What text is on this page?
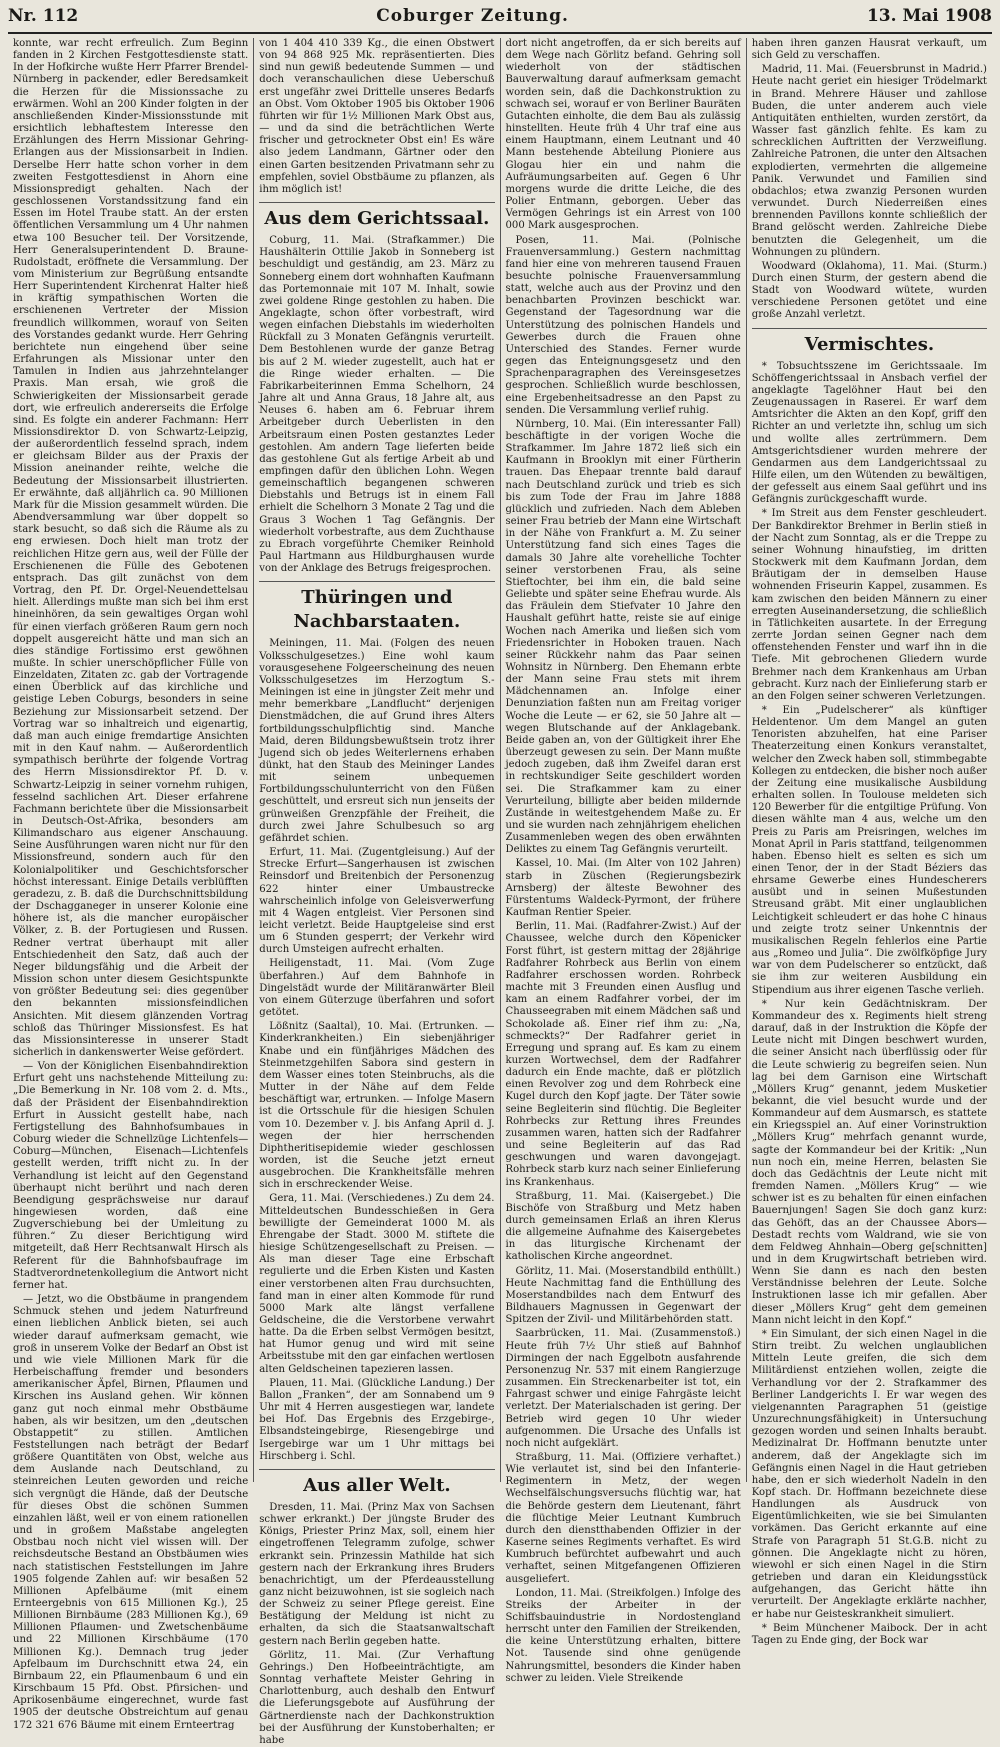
Nr. 112	Coburger Zeitung.	13. Mai 1908

konnte, war recht erfreulich. Zum Beginn fanden in 2 Kirchen Festgottesdienste statt. In der Hofkirche wußte Herr Pfarrer Brendel-Nürnberg in packender, edler Beredsamkeit die Herzen für die Missionssache zu erwärmen. Wohl an 200 Kinder folgten in der anschließenden Kinder-Missionsstunde mit ersichtlich lebhaftestem Interesse den Erzählungen des Herrn Missionar Gehring-Erlangen aus der Missionsarbeit in Indien. Derselbe Herr hatte schon vorher in dem zweiten Festgottesdienst in Ahorn eine Missionspredigt gehalten. Nach der geschlossenen Vorstandssitzung fand ein Essen im Hotel Traube statt. An der ersten öffentlichen Versammlung um 4 Uhr nahmen etwa 100 Besucher teil. Der Vorsitzende, Herr Generalsuperintendent D. Braune-Rudolstadt, eröffnete die Versammlung. Der vom Ministerium zur Begrüßung entsandte Herr Superintendent Kirchenrat Halter hieß in kräftig sympathischen Worten die erschienenen Vertreter der Mission freundlich willkommen, worauf von Seiten des Vorstandes gedankt wurde. Herr Gehring berichtete nun eingehend über seine Erfahrungen als Missionar unter den Tamulen in Indien aus jahrzehntelanger Praxis. Man ersah, wie groß die Schwierigkeiten der Missionsarbeit gerade dort, wie erfreulich andererseits die Erfolge sind. Es folgte ein anderer Fachmann: Herr Missionsdirektor D. von Schwartz-Leipzig, der außerordentlich fesselnd sprach, indem er gleichsam Bilder aus der Praxis der Mission aneinander reihte, welche die Bedeutung der Missionsarbeit illustrierten. Er erwähnte, daß alljährlich ca. 90 Millionen Mark für die Mission gesammelt würden. Die Abendversammlung war über doppelt so stark besucht, so daß sich die Räume als zu eng erwiesen. Doch hielt man trotz der reichlichen Hitze gern aus, weil der Fülle der Erschienenen die Fülle des Gebotenen entsprach. Das gilt zunächst von dem Vortrag, den Pf. Dr. Orgel-Neuendettelsau hielt. Allerdings mußte man sich bei ihm erst hineinhören, da sein gewaltiges Organ wohl für einen vierfach größeren Raum gern noch doppelt ausgereicht hätte und man sich an dies ständige Fortissimo erst gewöhnen mußte. In schier unerschöpflicher Fülle von Einzeldaten, Zitaten zc. gab der Vortragende einen Überblick auf das kirchliche und geistige Leben Coburgs, besonders in seine Beziehung zur Missionsarbeit setzend. Der Vortrag war so inhaltreich und eigenartig, daß man auch einige fremdartige Ansichten mit in den Kauf nahm. — Außerordentlich sympathisch berührte der folgende Vortrag des Herrn Missionsdirektor Pf. D. v. Schwartz-Leipzig in seiner vornehm ruhigen, fesselnd sachlichen Art. Dieser erfahrene Fachmann berichtete über die Missionsarbeit in Deutsch-Ost-Afrika, besonders am Kilimandscharo aus eigener Anschauung. Seine Ausführungen waren nicht nur für den Missionsfreund, sondern auch für den Kolonialpolitiker und Geschichtsforscher höchst interessant. Einige Details verblüfften geradezu, z. B. daß die Durchschnittsbildung der Dschagganeger in unserer Kolonie eine höhere ist, als die mancher europäischer Völker, z. B. der Portugiesen und Russen. Redner vertrat überhaupt mit aller Entschiedenheit den Satz, daß auch der Neger bildungsfähig und die Arbeit der Mission schon unter diesem Gesichtspunkte von größter Bedeutung sei: dies gegenüber den bekannten missionsfeindlichen Ansichten. Mit diesem glänzenden Vortrag schloß das Thüringer Missionsfest. Es hat das Missionsinteresse in unserer Stadt sicherlich in dankenswerter Weise gefördert.

— Von der Königlichen Eisenbahndirektion Erfurt geht uns nachstehende Mitteilung zu: „Die Bemerkung in Nr. 108 vom 2. d. Mts., daß der Präsident der Eisenbahndirektion Erfurt in Aussicht gestellt habe, nach Fertigstellung des Bahnhofsumbaues in Coburg wieder die Schnellzüge Lichtenfels—Coburg—München, Eisenach—Lichtenfels gestellt werden, trifft nicht zu. In der Verhandlung ist leicht auf den Gegenstand überhaupt nicht berührt und nach deren Beendigung gesprächsweise nur darauf hingewiesen worden, daß eine Zugverschiebung bei der Umleitung zu führen.“ Zu dieser Berichtigung wird mitgeteilt, daß Herr Rechtsanwalt Hirsch als Referent für die Bahnhofsbaufrage im Stadtverordnetenkollegium die Antwort nicht ferner hat.

— Jetzt, wo die Obstbäume in prangendem Schmuck stehen und jedem Naturfreund einen lieblichen Anblick bieten, sei auch wieder darauf aufmerksam gemacht, wie groß in unserem Volke der Bedarf an Obst ist und wie viele Millionen Mark für die Herbeischaffung fremder und besonders amerikanischer Äpfel, Birnen, Pflaumen und Kirschen ins Ausland gehen. Wir können ganz gut noch einmal mehr Obstbäume haben, als wir besitzen, um den „deutschen Obstappetit“ zu stillen. Amtlichen Feststellungen nach beträgt der Bedarf größere Quantitäten von Obst, welche aus dem Auslande nach Deutschland, zu steinreichen Leuten geworden und reiche sich vergnügt die Hände, daß der Deutsche für dieses Obst die schönen Summen einzahlen läßt, weil er von einem rationellen und in großem Maßstabe angelegten Obstbau noch nicht viel wissen will. Der reichsdeutsche Bestand an Obstbäumen wies nach statistischen Feststellungen im Jahre 1905 folgende Zahlen auf: wir besaßen 52 Millionen Apfelbäume (mit einem Ernteergebnis von 615 Millionen Kg.), 25 Millionen Birnbäume (283 Millionen Kg.), 69 Millionen Pflaumen- und Zwetschenbäume und 22 Millionen Kirschbäume (170 Millionen Kg.). Demnach trug jeder Apfelbaum im Durchschnitt etwa 24, ein Birnbaum 22, ein Pflaumenbaum 6 und ein Kirschbaum 15 Pfd. Obst. Pfirsichen- und Aprikosenbäume eingerechnet, wurde fast 1905 der deutsche Obstreichtum auf genau 172 321 676 Bäume mit einem Ernteertrag

von 1 404 410 339 Kg., die einen Obstwert von 94 868 925 Mk. repräsentierten. Dies sind nun gewiß bedeutende Summen — und doch veranschaulichen diese Ueberschuß erst ungefähr zwei Drittelle unseres Bedarfs an Obst. Vom Oktober 1905 bis Oktober 1906 führten wir für 1½ Millionen Mark Obst aus, — und da sind die beträchtlichen Werte frischer und getrockneter Obst ein! Es wäre also jedem Landmann, Gärtner oder den einen Garten besitzenden Privatmann sehr zu empfehlen, soviel Obstbäume zu pflanzen, als ihm möglich ist!

Aus dem Gerichtssaal.

Coburg, 11. Mai. (Strafkammer.) Die Haushälterin Ottilie Jakob in Sonneberg ist beschuldigt und geständig, am 23. März zu Sonneberg einem dort wohnhaften Kaufmann das Portemonnaie mit 107 M. Inhalt, sowie zwei goldene Ringe gestohlen zu haben. Die Angeklagte, schon öfter vorbestraft, wird wegen einfachen Diebstahls im wiederholten Rückfall zu 3 Monaten Gefängnis verurteilt. Dem Bestohlenen wurde der ganze Betrag bis auf 2 M. wieder zugestellt, auch hat er die Ringe wieder erhalten. — Die Fabrikarbeiterinnen Emma Schelhorn, 24 Jahre alt und Anna Graus, 18 Jahre alt, aus Neuses 6. haben am 6. Februar ihrem Arbeitgeber durch Ueberlisten in den Arbeitsraum einen Posten gestanztes Leder gestohlen. Am andern Tage lieferten beide das gestohlene Gut als fertige Arbeit ab und empfingen dafür den üblichen Lohn. Wegen gemeinschaftlich begangenen schweren Diebstahls und Betrugs ist in einem Fall erhielt die Schelhorn 3 Monate 2 Tag und die Graus 3 Wochen 1 Tag Gefängnis. Der wiederholt vorbestrafte, aus dem Zuchthause zu Ebrach vorgeführte Chemiker Reinhold Paul Hartmann aus Hildburghausen wurde von der Anklage des Betrugs freigesprochen.

Thüringen und Nachbarstaaten.

Meiningen, 11. Mai. (Folgen des neuen Volksschulgesetzes.) Eine wohl kaum vorausgesehene Folgeerscheinung des neuen Volksschulgesetzes im Herzogtum S.-Meiningen ist eine in jüngster Zeit mehr und mehr bemerkbare „Landflucht“ derjenigen Dienstmädchen, die auf Grund ihres Alters fortbildungsschulpflichtig sind. Manche Maid, deren Bildungsbewußtsein trotz ihrer Jugend sich ob jedes Weiterlernens erhaben dünkt, hat den Staub des Meininger Landes mit seinem unbequemen Fortbildungsschulunterricht von den Füßen geschüttelt, und ersreut sich nun jenseits der grünweißen Grenzpfähle der Freiheit, die durch zwei Jahre Schulbesuch so arg gefährdet schien.

Erfurt, 11. Mai. (Zugentgleisung.) Auf der Strecke Erfurt—Sangerhausen ist zwischen Reinsdorf und Breitenbich der Personenzug 622 hinter einer Umbaustrecke wahrscheinlich infolge von Geleisverwerfung mit 4 Wagen entgleist. Vier Personen sind leicht verletzt. Beide Hauptgeleise sind erst um 6 Stunden gesperrt; der Verkehr wird durch Umsteigen aufrecht erhalten.

Heiligenstadt, 11. Mai. (Vom Zuge überfahren.) Auf dem Bahnhofe in Dingelstädt wurde der Militäranwärter Bleil von einem Güterzuge überfahren und sofort getötet.

Lößnitz (Saaltal), 10. Mai. (Ertrunken. — Kinderkrankheiten.) Ein siebenjähriger Knabe und ein fünfjähriges Mädchen des Steinmetzgehilfen Sabora sind gestern in dem Wasser eines toten Steinbruchs, als die Mutter in der Nähe auf dem Felde beschäftigt war, ertrunken. — Infolge Masern ist die Ortsschule für die hiesigen Schulen vom 10. Dezember v. J. bis Anfang April d. J. wegen der hier herrschenden Diphtheritisepidemie wieder geschlossen worden, ist die Seuche jetzt erneut ausgebrochen. Die Krankheitsfälle mehren sich in erschreckender Weise.

Gera, 11. Mai. (Verschiedenes.) Zu dem 24. Mitteldeutschen Bundesschießen in Gera bewilligte der Gemeinderat 1000 M. als Ehrengabe der Stadt. 3000 M. stiftete die hiesige Schützengesellschaft zu Preisen. — Als man dieser Tage eine Erbschaft regulierte und die Erben Kisten und Kasten einer verstorbenen alten Frau durchsuchten, fand man in einer alten Kommode für rund 5000 Mark alte längst verfallene Geldscheine, die die Verstorbene verwahrt hatte. Da die Erben selbst Vermögen besitzt, hat Humor genug und wird mit seine Arbeitsstube mit den gar einfachen wertlosen alten Geldscheinen tapezieren lassen.

Plauen, 11. Mai. (Glückliche Landung.) Der Ballon „Franken“, der am Sonnabend um 9 Uhr mit 4 Herren ausgestiegen war, landete bei Hof. Das Ergebnis des Erzgebirge-, Elbsandsteingebirge, Riesengebirge und Isergebirge war um 1 Uhr mittags bei Hirschberg i. Schl.

Aus aller Welt.

Dresden, 11. Mai. (Prinz Max von Sachsen schwer erkrankt.) Der jüngste Bruder des Königs, Priester Prinz Max, soll, einem hier eingetroffenen Telegramm zufolge, schwer erkrankt sein. Prinzessin Mathilde hat sich gestern nach der Erkrankung ihres Bruders benachrichtigt, um der Pferdeausstellung ganz nicht beizuwohnen, ist sie sogleich nach der Schweiz zu seiner Pflege gereist. Eine Bestätigung der Meldung ist nicht zu erhalten, da sich die Staatsanwaltschaft gestern nach Berlin gegeben hatte.

Görlitz, 11. Mai. (Zur Verhaftung Gehrings.) Den Hofbeeinträchtigte, am Sonntag verhaftete Meister Gehring in Charlottenburg, auch deshalb den Entwurf die Lieferungsgebote auf Ausführung der Gärtnerdienste nach der Dachkonstruktion bei der Ausführung der Kunstoberhalten; er habe

dort nicht angetroffen, da er sich bereits auf dem Wege nach Görlitz befand. Gehring soll wiederholt von der städtischen Bauverwaltung darauf aufmerksam gemacht worden sein, daß die Dachkonstruktion zu schwach sei, worauf er von Berliner Bauräten Gutachten einholte, die dem Bau als zulässig hinstellten. Heute früh 4 Uhr traf eine aus einem Hauptmann, einem Leutnant und 40 Mann bestehende Abteilung Pioniere aus Glogau hier ein und nahm die Aufräumungsarbeiten auf. Gegen 6 Uhr morgens wurde die dritte Leiche, die des Polier Entmann, geborgen. Ueber das Vermögen Gehrings ist ein Arrest von 100 000 Mark ausgesprochen.

Posen, 11. Mai. (Polnische Frauenversammlung.) Gestern nachmittag fand hier eine von mehreren tausend Frauen besuchte polnische Frauenversammlung statt, welche auch aus der Provinz und den benachbarten Provinzen beschickt war. Gegenstand der Tagesordnung war die Unterstützung des polnischen Handels und Gewerbes durch die Frauen ohne Unterschied des Standes. Ferner wurde gegen das Enteignungsgesetz und den Sprachenparagraphen des Vereinsgesetzes gesprochen. Schließlich wurde beschlossen, eine Ergebenheitsadresse an den Papst zu senden. Die Versammlung verlief ruhig.

Nürnberg, 10. Mai. (Ein interessanter Fall) beschäftigte in der vorigen Woche die Strafkammer. Im Jahre 1872 ließ sich ein Kaufmann in Brooklyn mit einer Fürtherin trauen. Das Ehepaar trennte bald darauf nach Deutschland zurück und trieb es sich bis zum Tode der Frau im Jahre 1888 glücklich und zufrieden. Nach dem Ableben seiner Frau betrieb der Mann eine Wirtschaft in der Nähe von Frankfurt a. M. Zu seiner Unterstützung fand sich eines Tages die damals 30 Jahre alte vorehelliche Tochter seiner verstorbenen Frau, als seine Stieftochter, bei ihm ein, die bald seine Geliebte und später seine Ehefrau wurde. Als das Fräulein dem Stiefvater 10 Jahre den Haushalt geführt hatte, reiste sie auf einige Wochen nach Amerika und ließen sich vom Friedensrichter in Hoboken trauen. Nach seiner Rückkehr nahm das Paar seinen Wohnsitz in Nürnberg. Den Ehemann erbte der Mann seine Frau stets mit ihrem Mädchennamen an. Infolge einer Denunziation faßten nun am Freitag voriger Woche die Leute — er 62, sie 50 Jahre alt — wegen Blutschande auf der Anklagebank. Beide gaben an, von der Gültigkeit ihrer Ehe überzeugt gewesen zu sein. Der Mann mußte jedoch zugeben, daß ihm Zweifel daran erst in rechtskundiger Seite geschildert worden sei. Die Strafkammer kam zu einer Verurteilung, billigte aber beiden mildernde Zustände in weitestgehendem Maße zu. Er und sie wurden nach zehnjährigem ehelichen Zusammenleben wegen des oben erwähnten Deliktes zu einem Tag Gefängnis verurteilt.

Kassel, 10. Mai. (Im Alter von 102 Jahren) starb in Züschen (Regierungsbezirk Arnsberg) der älteste Bewohner des Fürstentums Waldeck-Pyrmont, der frühere Kaufman Rentier Speier.

Berlin, 11. Mai. (Radfahrer-Zwist.) Auf der Chaussee, welche durch den Köpenicker Forst führt, ist gestern mittag der 28jährige Radfahrer Rohrbeck aus Berlin von einem Radfahrer erschossen worden. Rohrbeck machte mit 3 Freunden einen Ausflug und kam an einem Radfahrer vorbei, der im Chausseegraben mit einem Mädchen saß und Schokolade aß. Einer rief ihm zu: „Na, schmeckts?“ Der Radfahrer geriet in Erregung und sprang auf. Es kam zu einem kurzen Wortwechsel, dem der Radfahrer dadurch ein Ende machte, daß er plötzlich einen Revolver zog und dem Rohrbeck eine Kugel durch den Kopf jagte. Der Täter sowie seine Begleiterin sind flüchtig. Die Begleiter Rohrbecks zur Rettung ihres Freundes zusammen waren, hatten sich der Radfahrer und seine Begleiterin auf das Rad geschwungen und waren davongejagt. Rohrbeck starb kurz nach seiner Einlieferung ins Krankenhaus.

Straßburg, 11. Mai. (Kaisergebet.) Die Bischöfe von Straßburg und Metz haben durch gemeinsamen Erlaß an ihren Klerus die allgemeine Aufnahme des Kaisergebetes in das liturgische Kirchenamt der katholischen Kirche angeordnet.

Görlitz, 11. Mai. (Moserstandbild enthüllt.) Heute Nachmittag fand die Enthüllung des Moserstandbildes nach dem Entwurf des Bildhauers Magnussen in Gegenwart der Spitzen der Zivil- und Militärbehörden statt.

Saarbrücken, 11. Mai. (Zusammenstoß.) Heute früh 7½ Uhr stieß auf Bahnhof Dirmingen der nach Eggelbotn ausfahrende Personenzug Nr. 537 mit einem Rangierzuge zusammen. Ein Streckenarbeiter ist tot, ein Fahrgast schwer und einige Fahrgäste leicht verletzt. Der Materialschaden ist gering. Der Betrieb wird gegen 10 Uhr wieder aufgenommen. Die Ursache des Unfalls ist noch nicht aufgeklärt.

Straßburg, 11. Mai. (Offiziere verhaftet.) Wie verlautet ist, sind bei den Infanterie-Regimentern in Metz, der wegen Wechselfälschungsversuchs flüchtig war, hat die Behörde gestern dem Lieutenant, fährt die flüchtige Meier Leutnant Kumbruch durch den dienstthabenden Offizier in der Kaserne seines Regiments verhaftet. Es wird Kumbruch befürchtet aufbewahrt und auch verhaftet, seinen Mitgefangenen Offizieren ausgeliefert.

London, 11. Mai. (Streikfolgen.) Infolge des Streiks der Arbeiter in der Schiffsbauindustrie in Nordostengland herrscht unter den Familien der Streikenden, die keine Unterstützung erhalten, bittere Not. Tausende sind ohne genügende Nahrungsmittel, besonders die Kinder haben schwer zu leiden. Viele Streikende

haben ihren ganzen Hausrat verkauft, um sich Geld zu verschaffen.

Madrid, 11. Mai. (Feuersbrunst in Madrid.) Heute nacht geriet ein hiesiger Trödelmarkt in Brand. Mehrere Häuser und zahllose Buden, die unter anderem auch viele Antiquitäten enthielten, wurden zerstört, da Wasser fast gänzlich fehlte. Es kam zu schrecklichen Auftritten der Verzweiflung. Zahlreiche Patronen, die unter den Altsachen explodierten, vermehrten die allgemeine Panik. Verwundet und Familien sind obdachlos; etwa zwanzig Personen wurden verwundet. Durch Niederreißen eines brennenden Pavillons konnte schließlich der Brand gelöscht werden. Zahlreiche Diebe benutzten die Gelegenheit, um die Wohnungen zu plündern.

Woodward (Oklahoma), 11. Mai. (Sturm.) Durch einen Sturm, der gestern abend die Stadt von Woodward wütete, wurden verschiedene Personen getötet und eine große Anzahl verletzt.

Vermischtes.

* Tobsuchtsszene im Gerichtssaale. Im Schöffengerichtssaal in Ansbach verfiel der angeklagte Tagelöhner Haut bei den Zeugenaussagen in Raserei. Er warf dem Amtsrichter die Akten an den Kopf, griff den Richter an und verletzte ihn, schlug um sich und wollte alles zertrümmern. Dem Amtsgerichtsdiener wurden mehrere der Gendarmen aus dem Landgerichtssaal zu Hilfe eilen, um den Wütenden zu bewältigen, der gefesselt aus einem Saal geführt und ins Gefängnis zurückgeschafft wurde.

* Im Streit aus dem Fenster geschleudert. Der Bankdirektor Brehmer in Berlin stieß in der Nacht zum Sonntag, als er die Treppe zu seiner Wohnung hinaufstieg, im dritten Stockwerk mit dem Kaufmann Jordan, dem Bräutigam der in demselben Hause wohnenden Friseurin Kappel, zusammen. Es kam zwischen den beiden Männern zu einer erregten Auseinandersetzung, die schließlich in Tätlichkeiten ausartete. In der Erregung zerrte Jordan seinen Gegner nach dem offenstehenden Fenster und warf ihn in die Tiefe. Mit gebrochenen Gliedern wurde Brehmer nach dem Krankenhaus am Urban gebracht. Kurz nach der Einlieferung starb er an den Folgen seiner schweren Verletzungen.

* Ein „Pudelscherer“ als künftiger Heldentenor. Um dem Mangel an guten Tenoristen abzuhelfen, hat eine Pariser Theaterzeitung einen Konkurs veranstaltet, welcher den Zweck haben soll, stimmbegabte Kollegen zu entdecken, die bisher noch außer der Zeitung eine musikalische Ausbildung erhalten sollen. In Toulouse meldeten sich 120 Bewerber für die entgiltige Prüfung. Von diesen wählte man 4 aus, welche um den Preis zu Paris am Preisringen, welches im Monat April in Paris stattfand, teilgenommen haben. Ebenso hielt es selten es sich um einen Tenor, der in der Stadt Béziers das ehrsame Gewerbe eines Hundescherers ausübt und in seinen Mußestunden Streusand gräbt. Mit einer unglaublichen Leichtigkeit schleudert er das hohe C hinaus und zeigte trotz seiner Unkenntnis der musikalischen Regeln fehlerlos eine Partie aus „Romeo und Julia“. Die zwölfköpfige Jury war von dem Pudelscherer so entzückt, daß sie ihm zur weiteren Ausbildung ein Stipendium aus ihrer eigenen Tasche verlieh.

* Nur kein Gedächtniskram. Der Kommandeur des x. Regiments hielt streng darauf, daß in der Instruktion die Köpfe der Leute nicht mit Dingen beschwert wurden, die seiner Ansicht nach überflüssig oder für die Leute schwierig zu begreifen seien. Nun lag bei dem Garnison eine Wirtschaft „Möllers Krug“ genannt, jedem Musketier bekannt, die viel besucht wurde und der Kommandeur auf dem Ausmarsch, es stattete ein Kriegsspiel an. Auf einer Vorinstruktion „Möllers Krug“ mehrfach genannt wurde, sagte der Kommandeur bei der Kritik: „Nun nun noch ein, meine Herren, belasten Sie doch das Gedächtnis der Leute nicht mit fremden Namen. „Möllers Krug“ — wie schwer ist es zu behalten für einen einfachen Bauernjungen! Sagen Sie doch ganz kurz: das Gehöft, das an der Chaussee Abors—Destadt rechts vom Waldrand, wie sie von dem Feldweg Ahnhain—Oberg ge[schnitten] und in dem Krugwirtschaft betrieben wird. Wenn Sie dann es nach den besten Verständnisse belehren der Leute. Solche Instruktionen lasse ich mir gefallen. Aber dieser „Möllers Krug“ geht dem gemeinen Mann nicht leicht in den Kopf.“

* Ein Simulant, der sich einen Nagel in die Stirn treibt. Zu welchen unglaublichen Mitteln Leute greifen, die sich dem Militärdienst entziehen wollen, zeigte die Verhandlung vor der 2. Strafkammer des Berliner Landgerichts I. Er war wegen des vielgenannten Paragraphen 51 (geistige Unzurechnungsfähigkeit) in Untersuchung gezogen worden und seinen Inhalts beraubt. Medizinalrat Dr. Hoffmann benutzte unter anderem, daß der Angeklagte sich im Gefängnis einen Nagel in die Haut getrieben habe, den er sich wiederholt Nadeln in den Kopf stach. Dr. Hoffmann bezeichnete diese Handlungen als Ausdruck von Eigentümlichkeiten, wie sie bei Simulanten vorkämen. Das Gericht erkannte auf eine Strafe von Paragraph 51 St.G.B. nicht zu gönnen. Die Angeklagte nicht zu hören, wiewohl er sich einen Nagel in die Stirn getrieben und daran ein Kleidungsstück aufgehangen, das Gericht hätte ihn verurteilt. Der Angeklagte erklärte nachher, er habe nur Geisteskrankheit simuliert.

* Beim Münchener Maibock. Der in acht Tagen zu Ende ging, der Bock war
